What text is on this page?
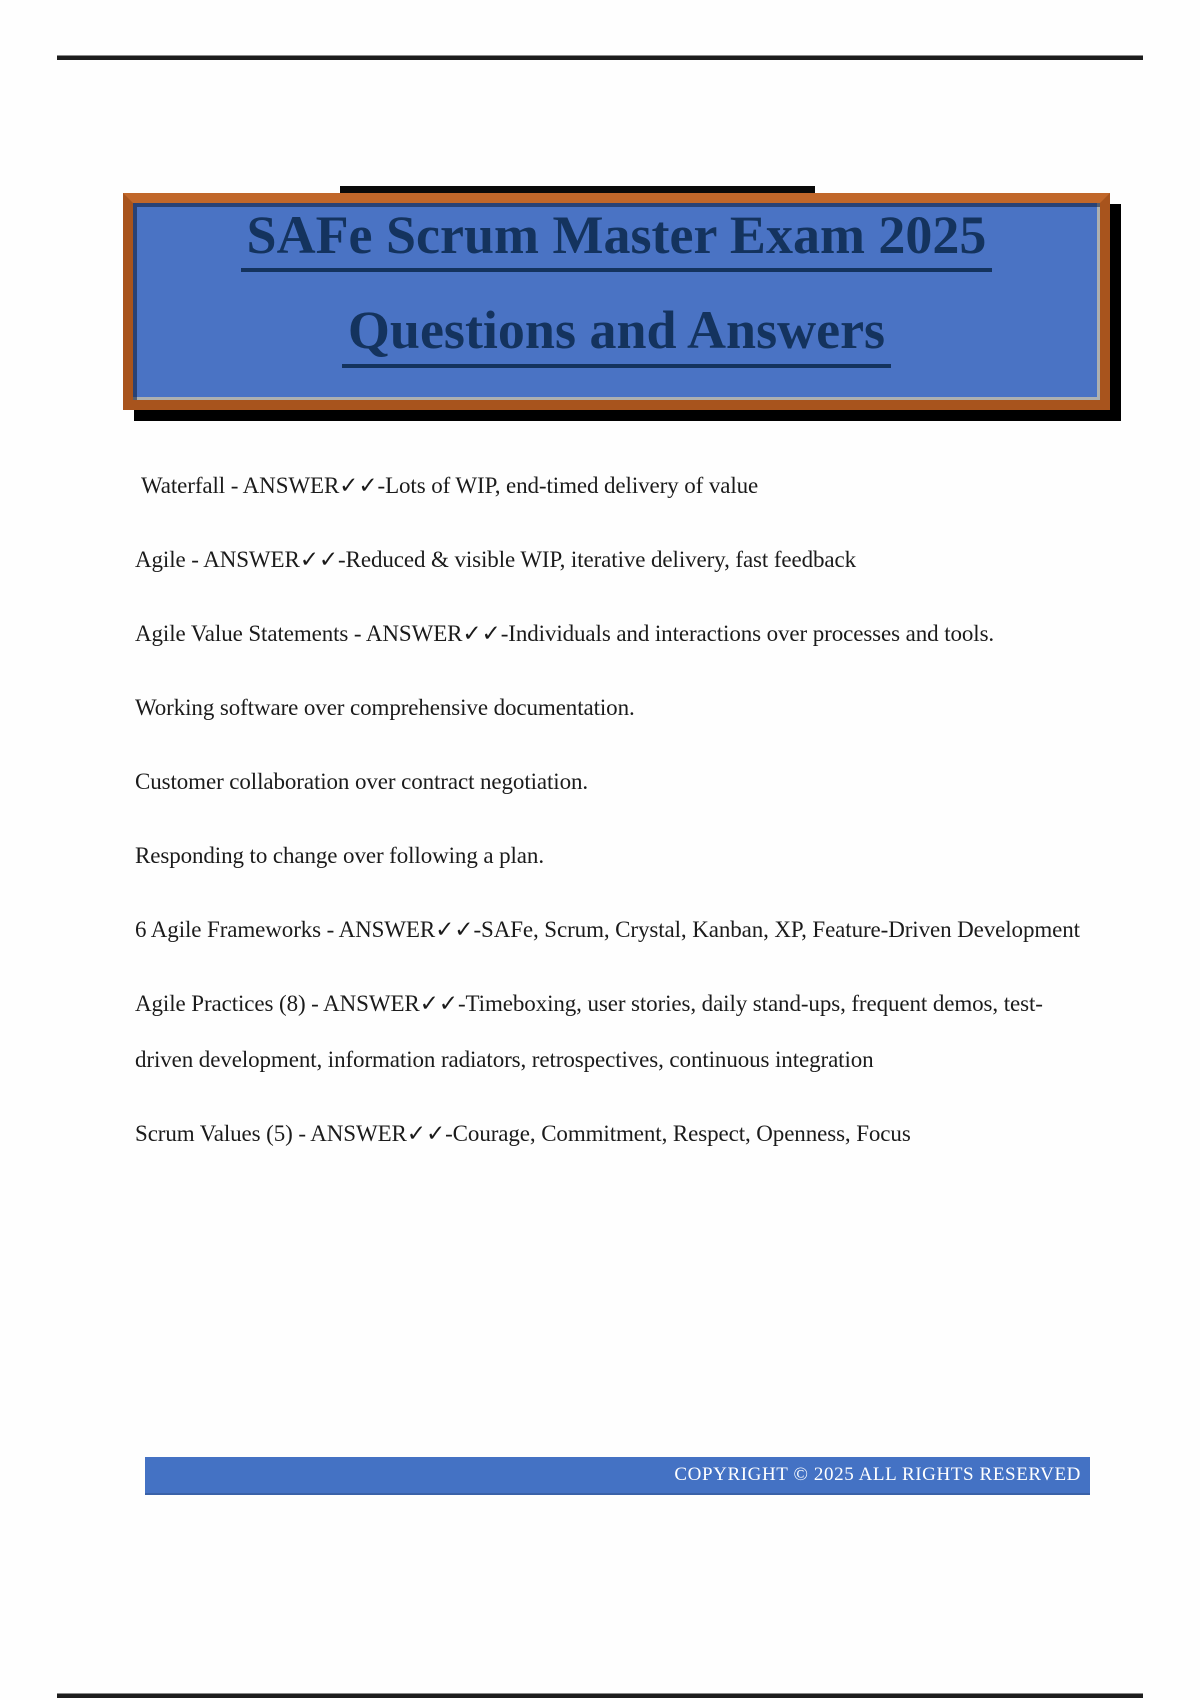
SAFe Scrum Master Exam 2025
Questions and Answers

Waterfall - ANSWER✓✓-Lots of WIP, end-timed delivery of value

Agile - ANSWER✓✓-Reduced & visible WIP, iterative delivery, fast feedback

Agile Value Statements - ANSWER✓✓-Individuals and interactions over processes and tools.

Working software over comprehensive documentation.

Customer collaboration over contract negotiation.

Responding to change over following a plan.

6 Agile Frameworks - ANSWER✓✓-SAFe, Scrum, Crystal, Kanban, XP, Feature-Driven Development

Agile Practices (8) - ANSWER✓✓-Timeboxing, user stories, daily stand-ups, frequent demos, test-driven development, information radiators, retrospectives, continuous integration

Scrum Values (5) - ANSWER✓✓-Courage, Commitment, Respect, Openness, Focus

COPYRIGHT © 2025 ALL RIGHTS RESERVED
